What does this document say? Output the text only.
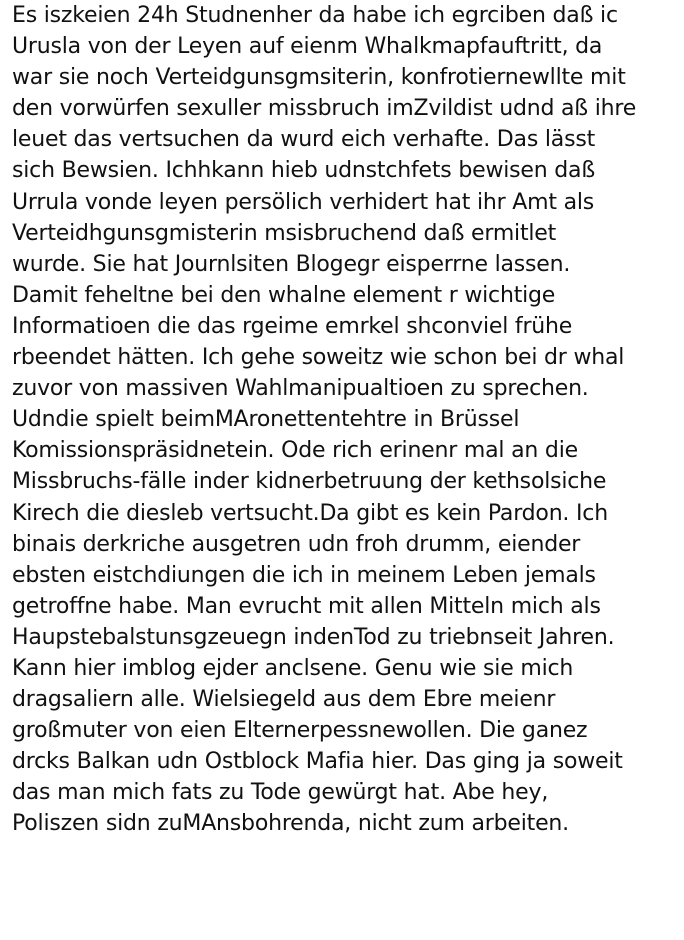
Es iszkeien 24h Studnenher da habe ich egrciben daß ic
Urusla von der Leyen auf eienm Whalkmapfauftritt, da
war sie noch Verteidgunsgmsiterin, konfrotiernewllte mit
den vorwürfen sexuller missbruch imZvildist udnd aß ihre
leuet das vertsuchen da wurd eich verhafte. Das lässt
sich Bewsien. Ichhkann hieb udnstchfets bewisen daß
Urrula vonde leyen persölich verhidert hat ihr Amt als
Verteidhgunsgmisterin msisbruchend daß ermitlet
wurde. Sie hat Journlsiten Blogegr eisperrne lassen.
Damit feheltne bei den whalne element r wichtige
Informatioen die das rgeime emrkel shconviel frühe
rbeendet hätten. Ich gehe soweitz wie schon bei dr whal
zuvor von massiven Wahlmanipualtioen zu sprechen.
Udndie spielt beimMAronettentehtre in Brüssel
Komissionspräsidnetein. Ode rich erinenr mal an die
Missbruchs-fälle inder kidnerbetruung der kethsolsiche
Kirech die diesleb vertsucht.Da gibt es kein Pardon. Ich
binais derkriche ausgetren udn froh drumm, eiender
ebsten eistchdiungen die ich in meinem Leben jemals
getroffne habe. Man evrucht mit allen Mitteln mich als
Haupstebalstunsgzeuegn indenTod zu triebnseit Jahren.
Kann hier imblog ejder anclsene. Genu wie sie mich
dragsaliern alle. Wielsiegeld aus dem Ebre meienr
großmuter von eien Elternerpessnewollen. Die ganez
drcks Balkan udn Ostblock Mafia hier. Das ging ja soweit
das man mich fats zu Tode gewürgt hat. Abe hey,
Poliszen sidn zuMAnsbohrenda, nicht zum arbeiten.
